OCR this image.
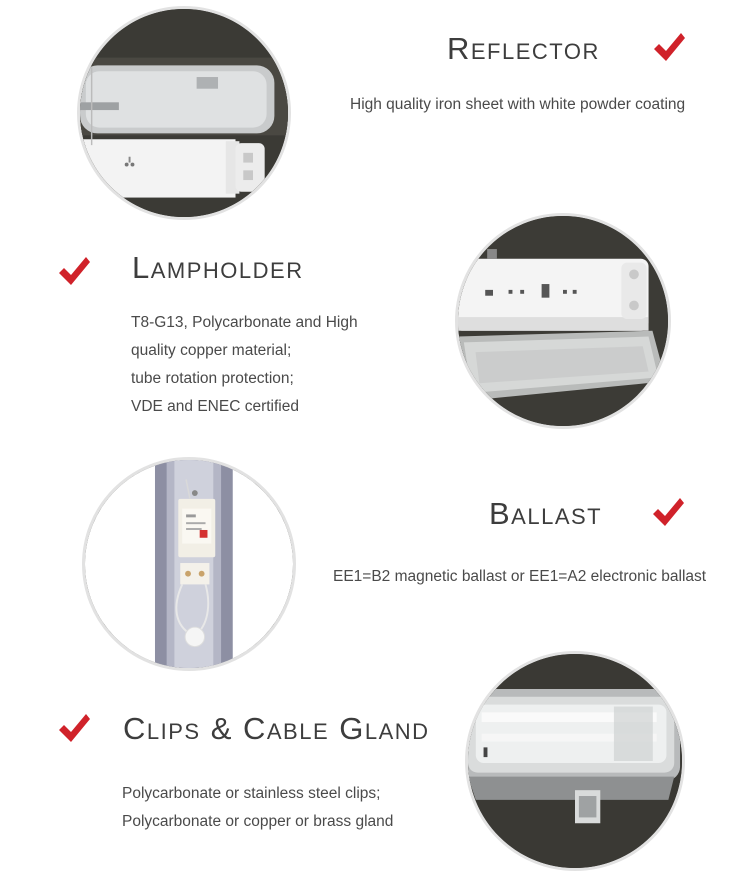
Reflector
High quality iron sheet with white powder coating
Lampholder
T8-G13, Polycarbonate and High
quality copper material;
tube rotation protection;
VDE and ENEC certified
Ballast
EE1=B2 magnetic ballast or EE1=A2 electronic ballast
Clips & Cable Gland
Polycarbonate or stainless steel clips;
Polycarbonate or copper or brass gland
